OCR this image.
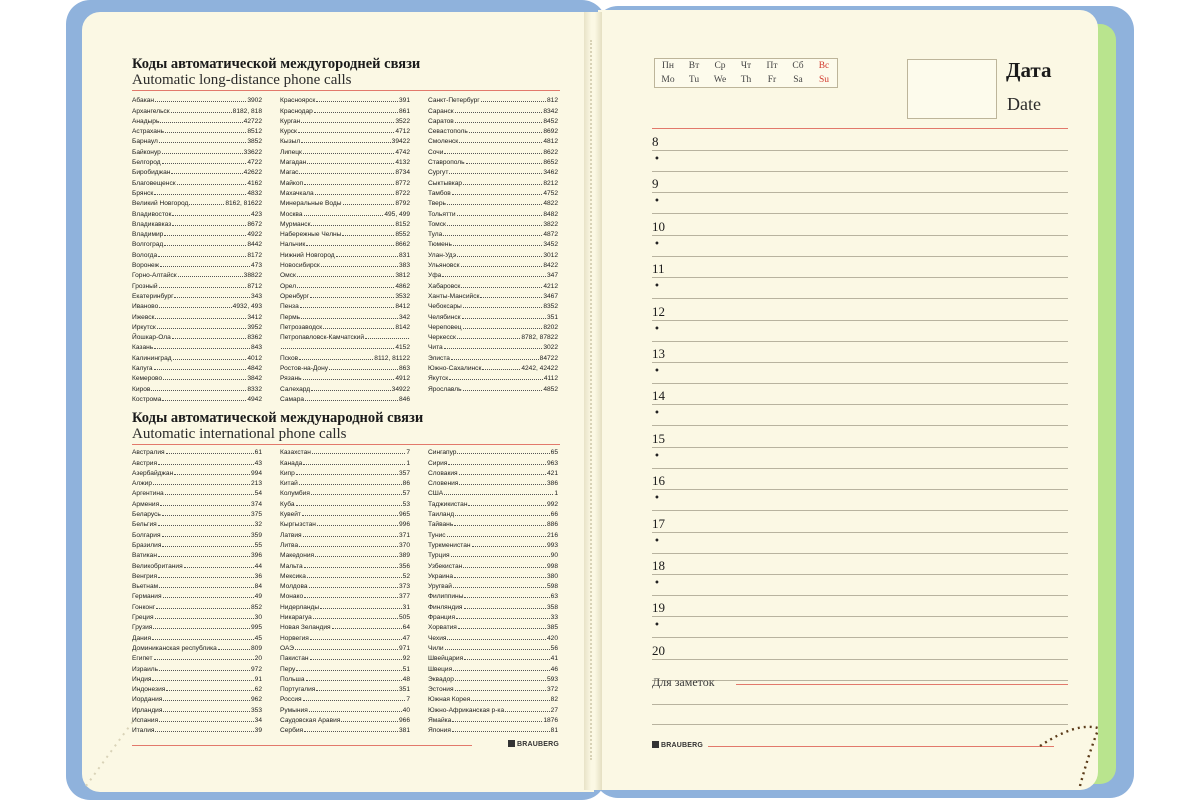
Коды автоматической междугородней связи
Automatic long-distance phone calls
Абакан	3902
Архангельск	8182, 818
Анадырь	42722
Астрахань	8512
Барнаул	3852
Байконур	33622
Белгород	4722
Биробиджан	42622
Благовещенск	4162
Брянск	4832
Великий Новгород	8162, 81622
Владивосток	423
Владикавказ	8672
Владимир	4922
Волгоград	8442
Вологда	8172
Воронеж	473
Горно-Алтайск	38822
Грозный	8712
Екатеринбург	343
Иваново	4932, 493
Ижевск	3412
Иркутск	3952
Йошкар-Ола	8362
Казань	843
Калининград	4012
Калуга	4842
Кемерово	3842
Киров	8332
Кострома	4942
Красноярск	391
Краснодар	861
Курган	3522
Курск	4712
Кызыл	39422
Липецк	4742
Магадан	4132
Магас	8734
Майкоп	8772
Махачкала	8722
Минеральные Воды	8792
Москва	495, 499
Мурманск	8152
Набережные Челны	8552
Нальчик	8662
Нижний Новгород	831
Новосибирск	383
Омск	3812
Орел	4862
Оренбург	3532
Пенза	8412
Пермь	342
Петрозаводск	8142
Петропавловск-Камчатский
4152
Псков	8112, 81122
Ростов-на-Дону	863
Рязань	4912
Салехард	34922
Самара	846
Санкт-Петербург	812
Саранск	8342
Саратов	8452
Севастополь	8692
Смоленск	4812
Сочи	8622
Ставрополь	8652
Сургут	3462
Сыктывкар	8212
Тамбов	4752
Тверь	4822
Тольятти	8482
Томск	3822
Тула	4872
Тюмень	3452
Улан-Удэ	3012
Ульяновск	8422
Уфа	347
Хабаровск	4212
Ханты-Мансийск	3467
Чебоксары	8352
Челябинск	351
Череповец	8202
Черкесск	8782, 87822
Чита	3022
Элиста	84722
Южно-Сахалинск	4242, 42422
Якутск	4112
Ярославль	4852
Коды автоматической международной связи
Automatic international phone calls
Австралия	61
Австрия	43
Азербайджан	994
Алжир	213
Аргентина	54
Армения	374
Беларусь	375
Бельгия	32
Болгария	359
Бразилия	55
Ватикан	396
Великобритания	44
Венгрия	36
Вьетнам	84
Германия	49
Гонконг	852
Греция	30
Грузия	995
Дания	45
Доминиканская республика	809
Египет	20
Израиль	972
Индия	91
Индонезия	62
Иордания	962
Ирландия	353
Испания	34
Италия	39
Казахстан	7
Канада	1
Кипр	357
Китай	86
Колумбия	57
Куба	53
Кувейт	965
Кыргызстан	996
Латвия	371
Литва	370
Македония	389
Мальта	356
Мексика	52
Молдова	373
Монако	377
Нидерланды	31
Никарагуа	505
Новая Зеландия	64
Норвегия	47
ОАЭ	971
Пакистан	92
Перу	51
Польша	48
Португалия	351
Россия	7
Румыния	40
Саудовская Аравия	966
Сербия	381
Сингапур	65
Сирия	963
Словакия	421
Словения	386
США	1
Таджикистан	992
Таиланд	66
Тайвань	886
Тунис	216
Туркменистан	993
Турция	90
Узбекистан	998
Украина	380
Уругвай	598
Филиппины	63
Финляндия	358
Франция	33
Хорватия	385
Чехия	420
Чили	56
Швейцария	41
Швеция	46
Эквадор	593
Эстония	372
Южная Корея	82
Южно-Африканская р-ка	27
Ямайка	1876
Япония	81
BRAUBERG
Пн	Вт	Ср	Чт	Пт	Сб	Вс
Mo	Tu	We	Th	Fr	Sa	Su	Дата
Date
8
•
9
•
10
•
11
•
12
•
13
•
14
•
15
•
16
•
17
•
18
•
19
•
20
Для заметок
BRAUBERG
